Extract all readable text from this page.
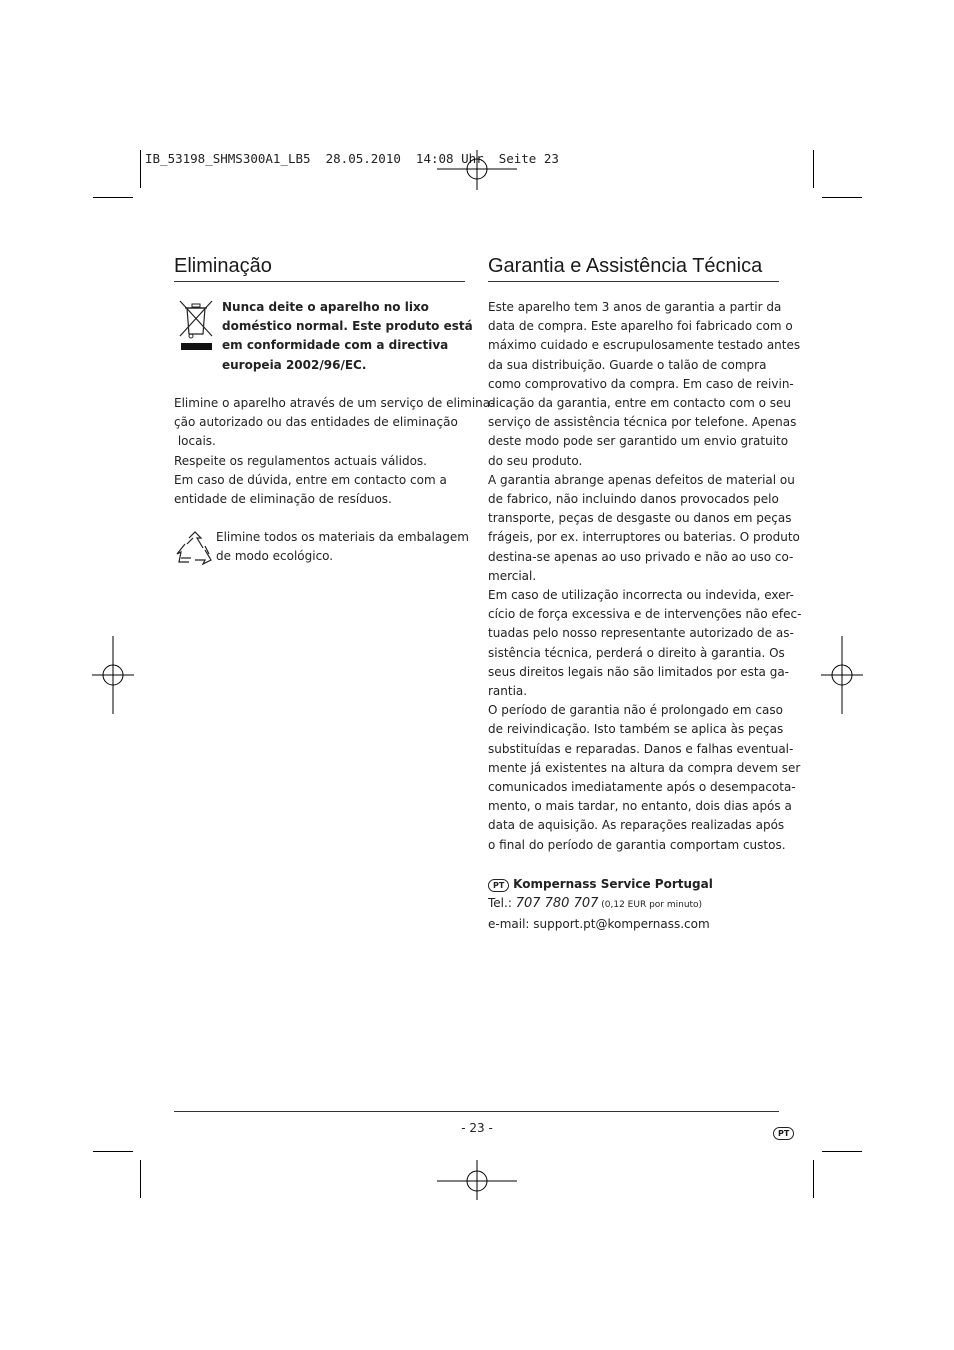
IB_53198_SHMS300A1_LB5  28.05.2010  14:08 Uhr  Seite 23
Eliminação
Nunca deite o aparelho no lixo
doméstico normal. Este produto está
em conformidade com a directiva
europeia 2002/96/EC.
Elimine o aparelho através de um serviço de elimina-
ção autorizado ou das entidades de eliminação
locais.
Respeite os regulamentos actuais válidos.
Em caso de dúvida, entre em contacto com a
entidade de eliminação de resíduos.
Elimine todos os materiais da embalagem
de modo ecológico.
Garantia e Assistência Técnica
Este aparelho tem 3 anos de garantia a partir da
data de compra. Este aparelho foi fabricado com o
máximo cuidado e escrupulosamente testado antes
da sua distribuição. Guarde o talão de compra
como comprovativo da compra. Em caso de reivin-
dicação da garantia, entre em contacto com o seu
serviço de assistência técnica por telefone. Apenas
deste modo pode ser garantido um envio gratuito
do seu produto.
A garantia abrange apenas defeitos de material ou
de fabrico, não incluindo danos provocados pelo
transporte, peças de desgaste ou danos em peças
frágeis, por ex. interruptores ou baterias. O produto
destina-se apenas ao uso privado e não ao uso co-
mercial.
Em caso de utilização incorrecta ou indevida, exer-
cício de força excessiva e de intervenções não efec-
tuadas pelo nosso representante autorizado de as-
sistência técnica, perderá o direito à garantia. Os
seus direitos legais não são limitados por esta ga-
rantia.
O período de garantia não é prolongado em caso
de reivindicação. Isto também se aplica às peças
substituídas e reparadas. Danos e falhas eventual-
mente já existentes na altura da compra devem ser
comunicados imediatamente após o desempacota-
mento, o mais tardar, no entanto, dois dias após a
data de aquisição. As reparações realizadas após
o final do período de garantia comportam custos.
PT Kompernass Service Portugal
Tel.: 707 780 707 (0,12 EUR por minuto)
e-mail: support.pt@kompernass.com
- 23 -	PT
